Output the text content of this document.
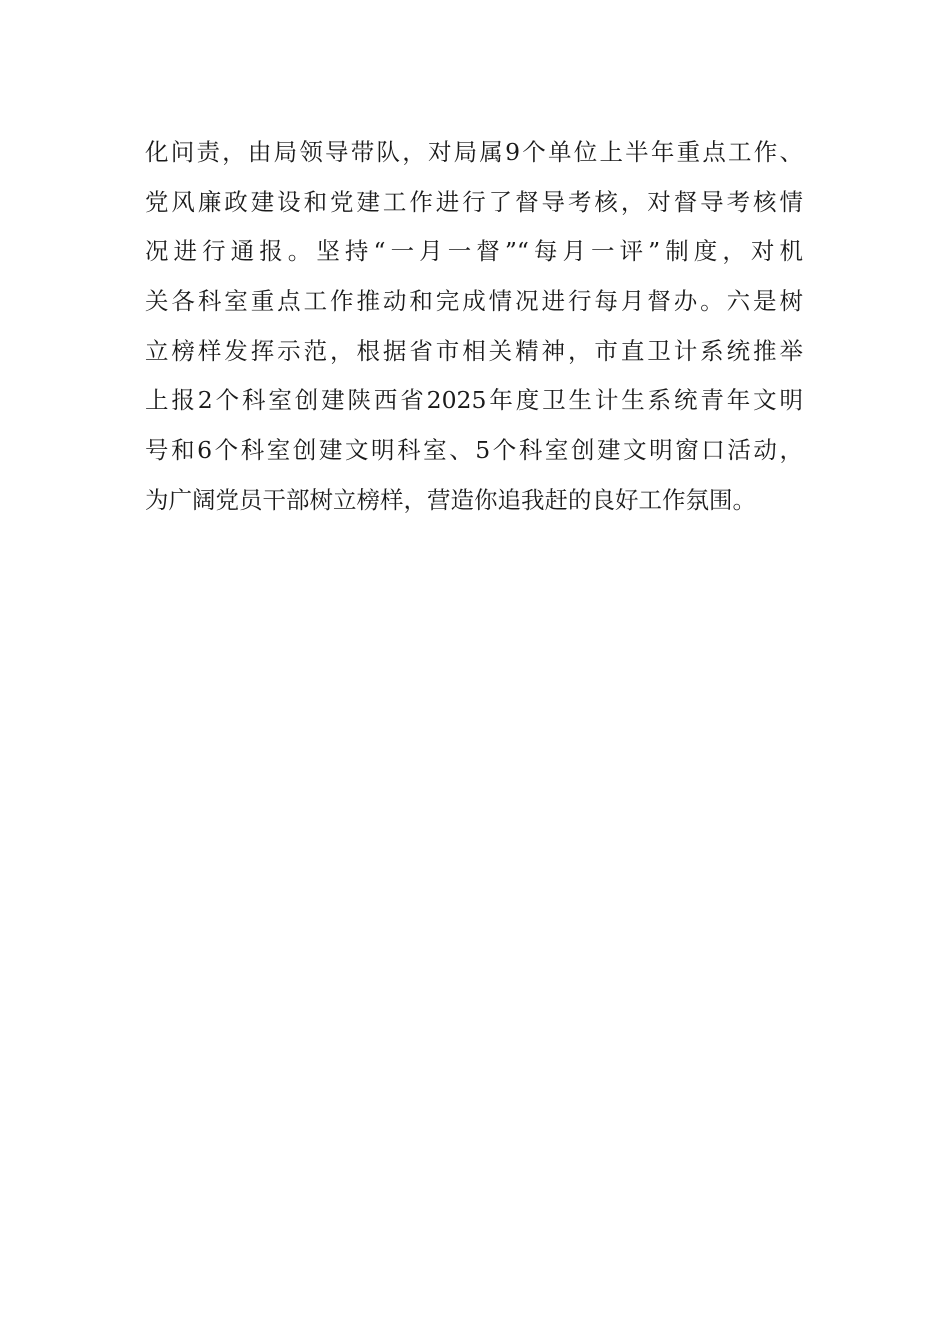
化问责，由局领导带队，对局属9个单位上半年重点工作、
党风廉政建设和党建工作进行了督导考核，对督导考核情
况进行通报。坚持“一月一督”“每月一评”制度，对机
关各科室重点工作推动和完成情况进行每月督办。六是树
立榜样发挥示范，根据省市相关精神，市直卫计系统推举
上报2个科室创建陕西省2025年度卫生计生系统青年文明
号和6个科室创建文明科室、5个科室创建文明窗口活动，
为广阔党员干部树立榜样，营造你追我赶的良好工作氛围。
